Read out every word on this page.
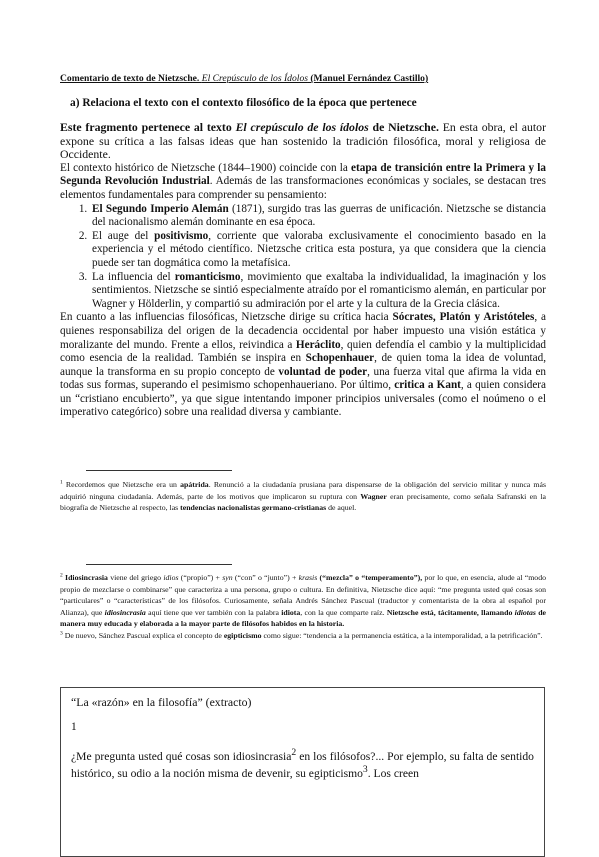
Comentario de texto de Nietzsche. El Crepúsculo de los Ídolos (Manuel Fernández Castillo)
a) Relaciona el texto con el contexto filosófico de la época que pertenece

Este fragmento pertenece al texto El crepúsculo de los ídolos de Nietzsche. En esta obra, el autor expone su crítica a las falsas ideas que han sostenido la tradición filosófica, moral y religiosa de Occidente.

El contexto histórico de Nietzsche (1844–1900) coincide con la etapa de transición entre la Primera y la Segunda Revolución Industrial. Además de las transformaciones económicas y sociales, se destacan tres elementos fundamentales para comprender su pensamiento:

1. El Segundo Imperio Alemán (1871), surgido tras las guerras de unificación. Nietzsche se distancia del nacionalismo alemán dominante en esa época.
2. El auge del positivismo, corriente que valoraba exclusivamente el conocimiento basado en la experiencia y el método científico. Nietzsche critica esta postura, ya que considera que la ciencia puede ser tan dogmática como la metafísica.
3. La influencia del romanticismo, movimiento que exaltaba la individualidad, la imaginación y los sentimientos. Nietzsche se sintió especialmente atraído por el romanticismo alemán, en particular por Wagner y Hölderlin, y compartió su admiración por el arte y la cultura de la Grecia clásica.

En cuanto a las influencias filosóficas, Nietzsche dirige su crítica hacia Sócrates, Platón y Aristóteles, a quienes responsabiliza del origen de la decadencia occidental por haber impuesto una visión estática y moralizante del mundo. Frente a ellos, reivindica a Heráclito, quien defendía el cambio y la multiplicidad como esencia de la realidad. También se inspira en Schopenhauer, de quien toma la idea de voluntad, aunque la transforma en su propio concepto de voluntad de poder, una fuerza vital que afirma la vida en todas sus formas, superando el pesimismo schopenhaueriano. Por último, critica a Kant, a quien considera un “cristiano encubierto”, ya que sigue intentando imponer principios universales (como el noúmeno o el imperativo categórico) sobre una realidad diversa y cambiante.

$^1$ Recordemos que Nietzsche era un apátrida. Renunció a la ciudadanía prusiana para dispensarse de la obligación del servicio militar y nunca más adquirió ninguna ciudadanía. Además, parte de los motivos que implicaron su ruptura con Wagner eran precisamente, como señala Safranski en la biografía de Nietzsche al respecto, las tendencias nacionalistas germano-cristianas de aquel.

$^2$ Idiosincrasia viene del griego idios (“propio”) + syn (“con” o “junto”) + krasis (“mezcla” o “temperamento”), por lo que, en esencia, alude al “modo propio de mezclarse o combinarse” que caracteriza a una persona, grupo o cultura. En definitiva, Nietzsche dice aquí: “me pregunta usted qué cosas son “particulares” o “características” de los filósofos. Curiosamente, señala Andrés Sánchez Pascual (traductor y comentarista de la obra al español por Alianza), que idiosincrasia aquí tiene que ver también con la palabra idiota, con la que comparte raíz. Nietzsche está, tácitamente, llamando idiotas de manera muy educada y elaborada a la mayor parte de filósofos habidos en la historia.

$^3$ De nuevo, Sánchez Pascual explica el concepto de egipticismo como sigue: “tendencia a la permanencia estática, a la intemporalidad, a la petrificación”.

“La «razón» en la filosofía” (extracto)

1

¿Me pregunta usted qué cosas son idiosincrasia$^2$ en los filósofos?... Por ejemplo, su falta de sentido histórico, su odio a la noción misma de devenir, su egipticismo$^3$. Los creen
